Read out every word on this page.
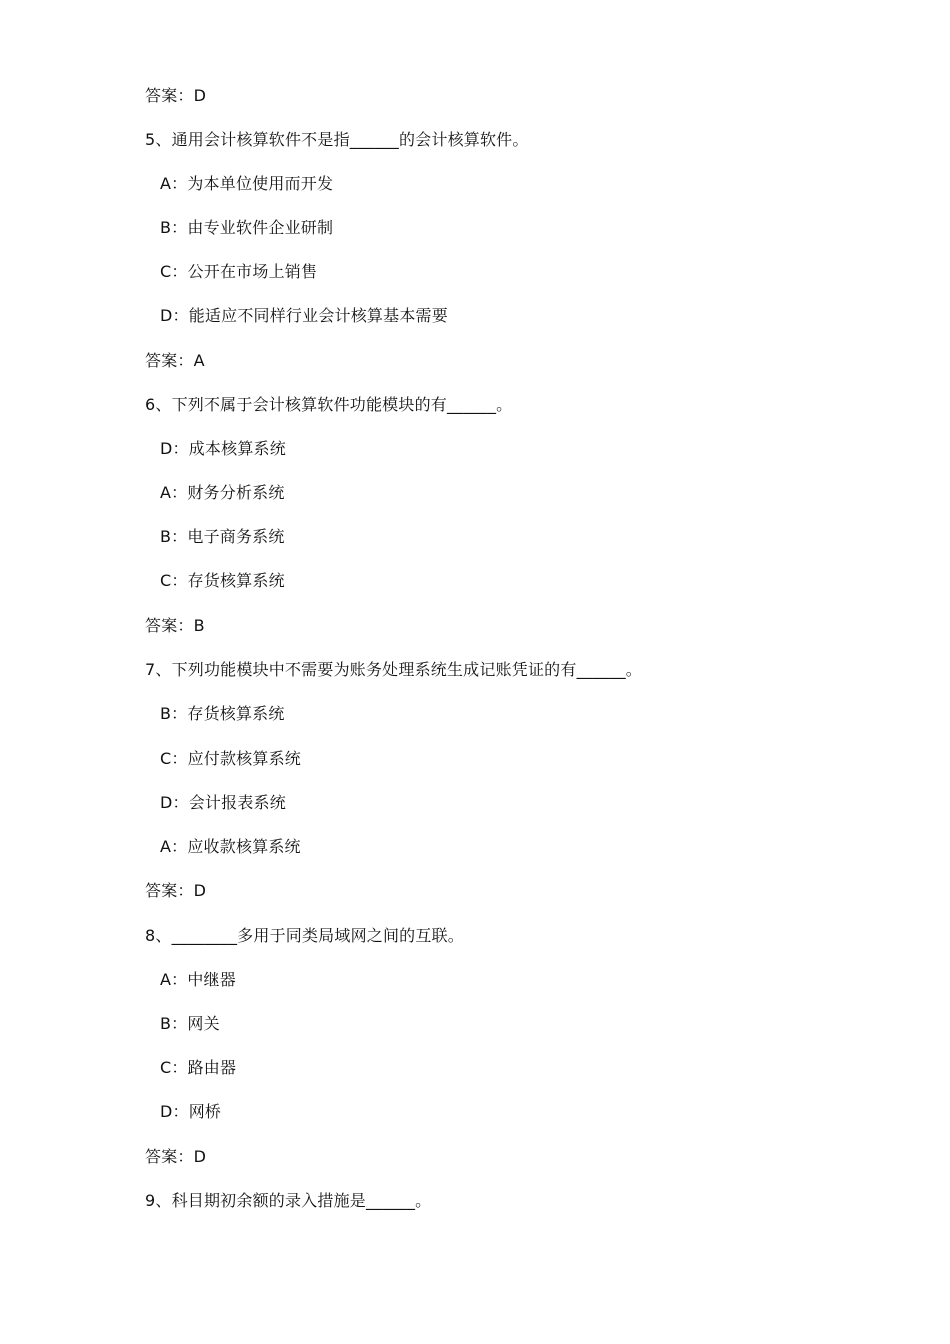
答案：D
5、通用会计核算软件不是指______的会计核算软件。
A：为本单位使用而开发
B：由专业软件企业研制
C：公开在市场上销售
D：能适应不同样行业会计核算基本需要
答案：A
6、下列不属于会计核算软件功能模块的有______。
D：成本核算系统
A：财务分析系统
B：电子商务系统
C：存货核算系统
答案：B
7、下列功能模块中不需要为账务处理系统生成记账凭证的有______。
B：存货核算系统
C：应付款核算系统
D：会计报表系统
A：应收款核算系统
答案：D
8、________多用于同类局域网之间的互联。
A：中继器
B：网关
C：路由器
D：网桥
答案：D
9、科目期初余额的录入措施是______。
